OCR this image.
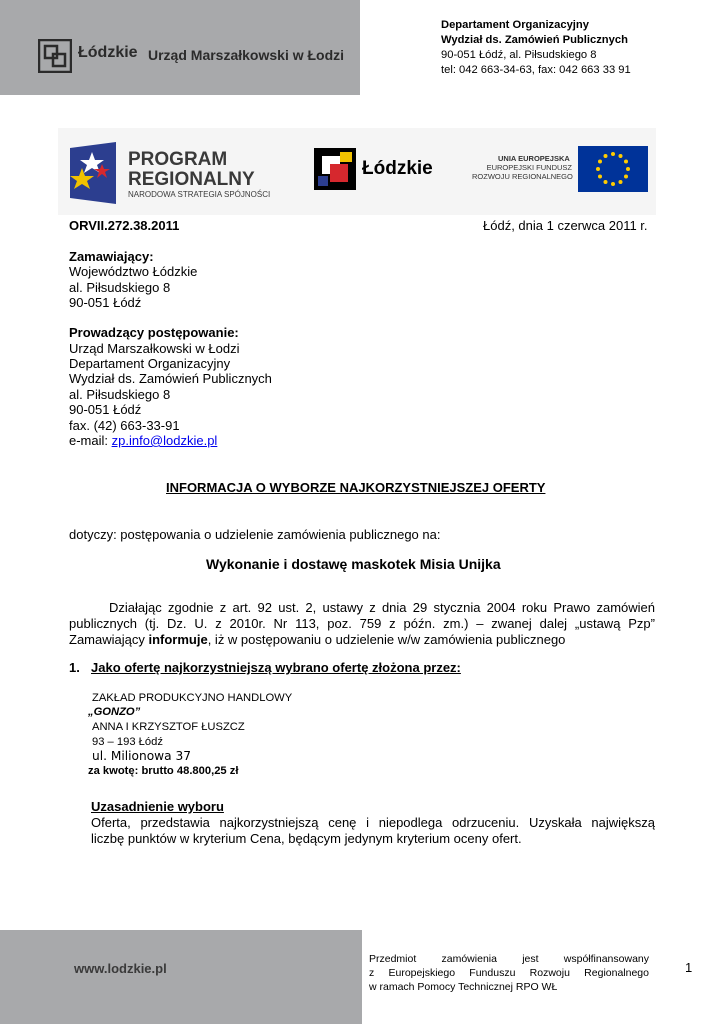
Łódzkie Urząd Marszałkowski w Łodzi
Departament Organizacyjny
Wydział ds. Zamówień Publicznych
90-051 Łódź, al. Piłsudskiego 8
tel: 042 663-34-63, fax: 042 663 33 91
PROGRAM
REGIONALNY
NARODOWA STRATEGIA SPÓJNOŚCI
Łódzkie	UNIA EUROPEJSKA
EUROPEJSKI FUNDUSZ
ROZWOJU REGIONALNEGO
ORVII.272.38.2011	Łódź, dnia 1 czerwca 2011 r.
Zamawiający:
Województwo Łódzkie
al. Piłsudskiego 8
90-051 Łódź
Prowadzący postępowanie:
Urząd Marszałkowski w Łodzi
Departament Organizacyjny
Wydział ds. Zamówień Publicznych
al. Piłsudskiego 8
90-051 Łódź
fax. (42) 663-33-91
e-mail: zp.info@lodzkie.pl
INFORMACJA O WYBORZE NAJKORZYSTNIEJSZEJ OFERTY
dotyczy: postępowania o udzielenie zamówienia publicznego na:
Wykonanie i dostawę maskotek Misia Unijka
Działając zgodnie z art. 92 ust. 2, ustawy z dnia 29 stycznia 2004 roku Prawo zamówień
publicznych (tj. Dz. U. z 2010r. Nr 113, poz. 759 z późn. zm.) – zwanej dalej „ustawą Pzp”
Zamawiający informuje, iż w postępowaniu o udzielenie w/w zamówienia publicznego
1. Jako ofertę najkorzystniejszą wybrano ofertę złożona przez:
ZAKŁAD PRODUKCYJNO HANDLOWY
„GONZO”
ANNA I KRZYSZTOF ŁUSZCZ
93 – 193 Łódź
ul. Milionowa 37
za kwotę: brutto 48.800,25 zł
Uzasadnienie wyboru
Oferta, przedstawia najkorzystniejszą cenę i niepodlega odrzuceniu. Uzyskała największą
liczbę punktów w kryterium Cena, będącym jedynym kryterium oceny ofert.
www.lodzkie.pl
Przedmiot zamówienia jest współfinansowany
z Europejskiego Funduszu Rozwoju Regionalnego
w ramach Pomocy Technicznej RPO WŁ
1
